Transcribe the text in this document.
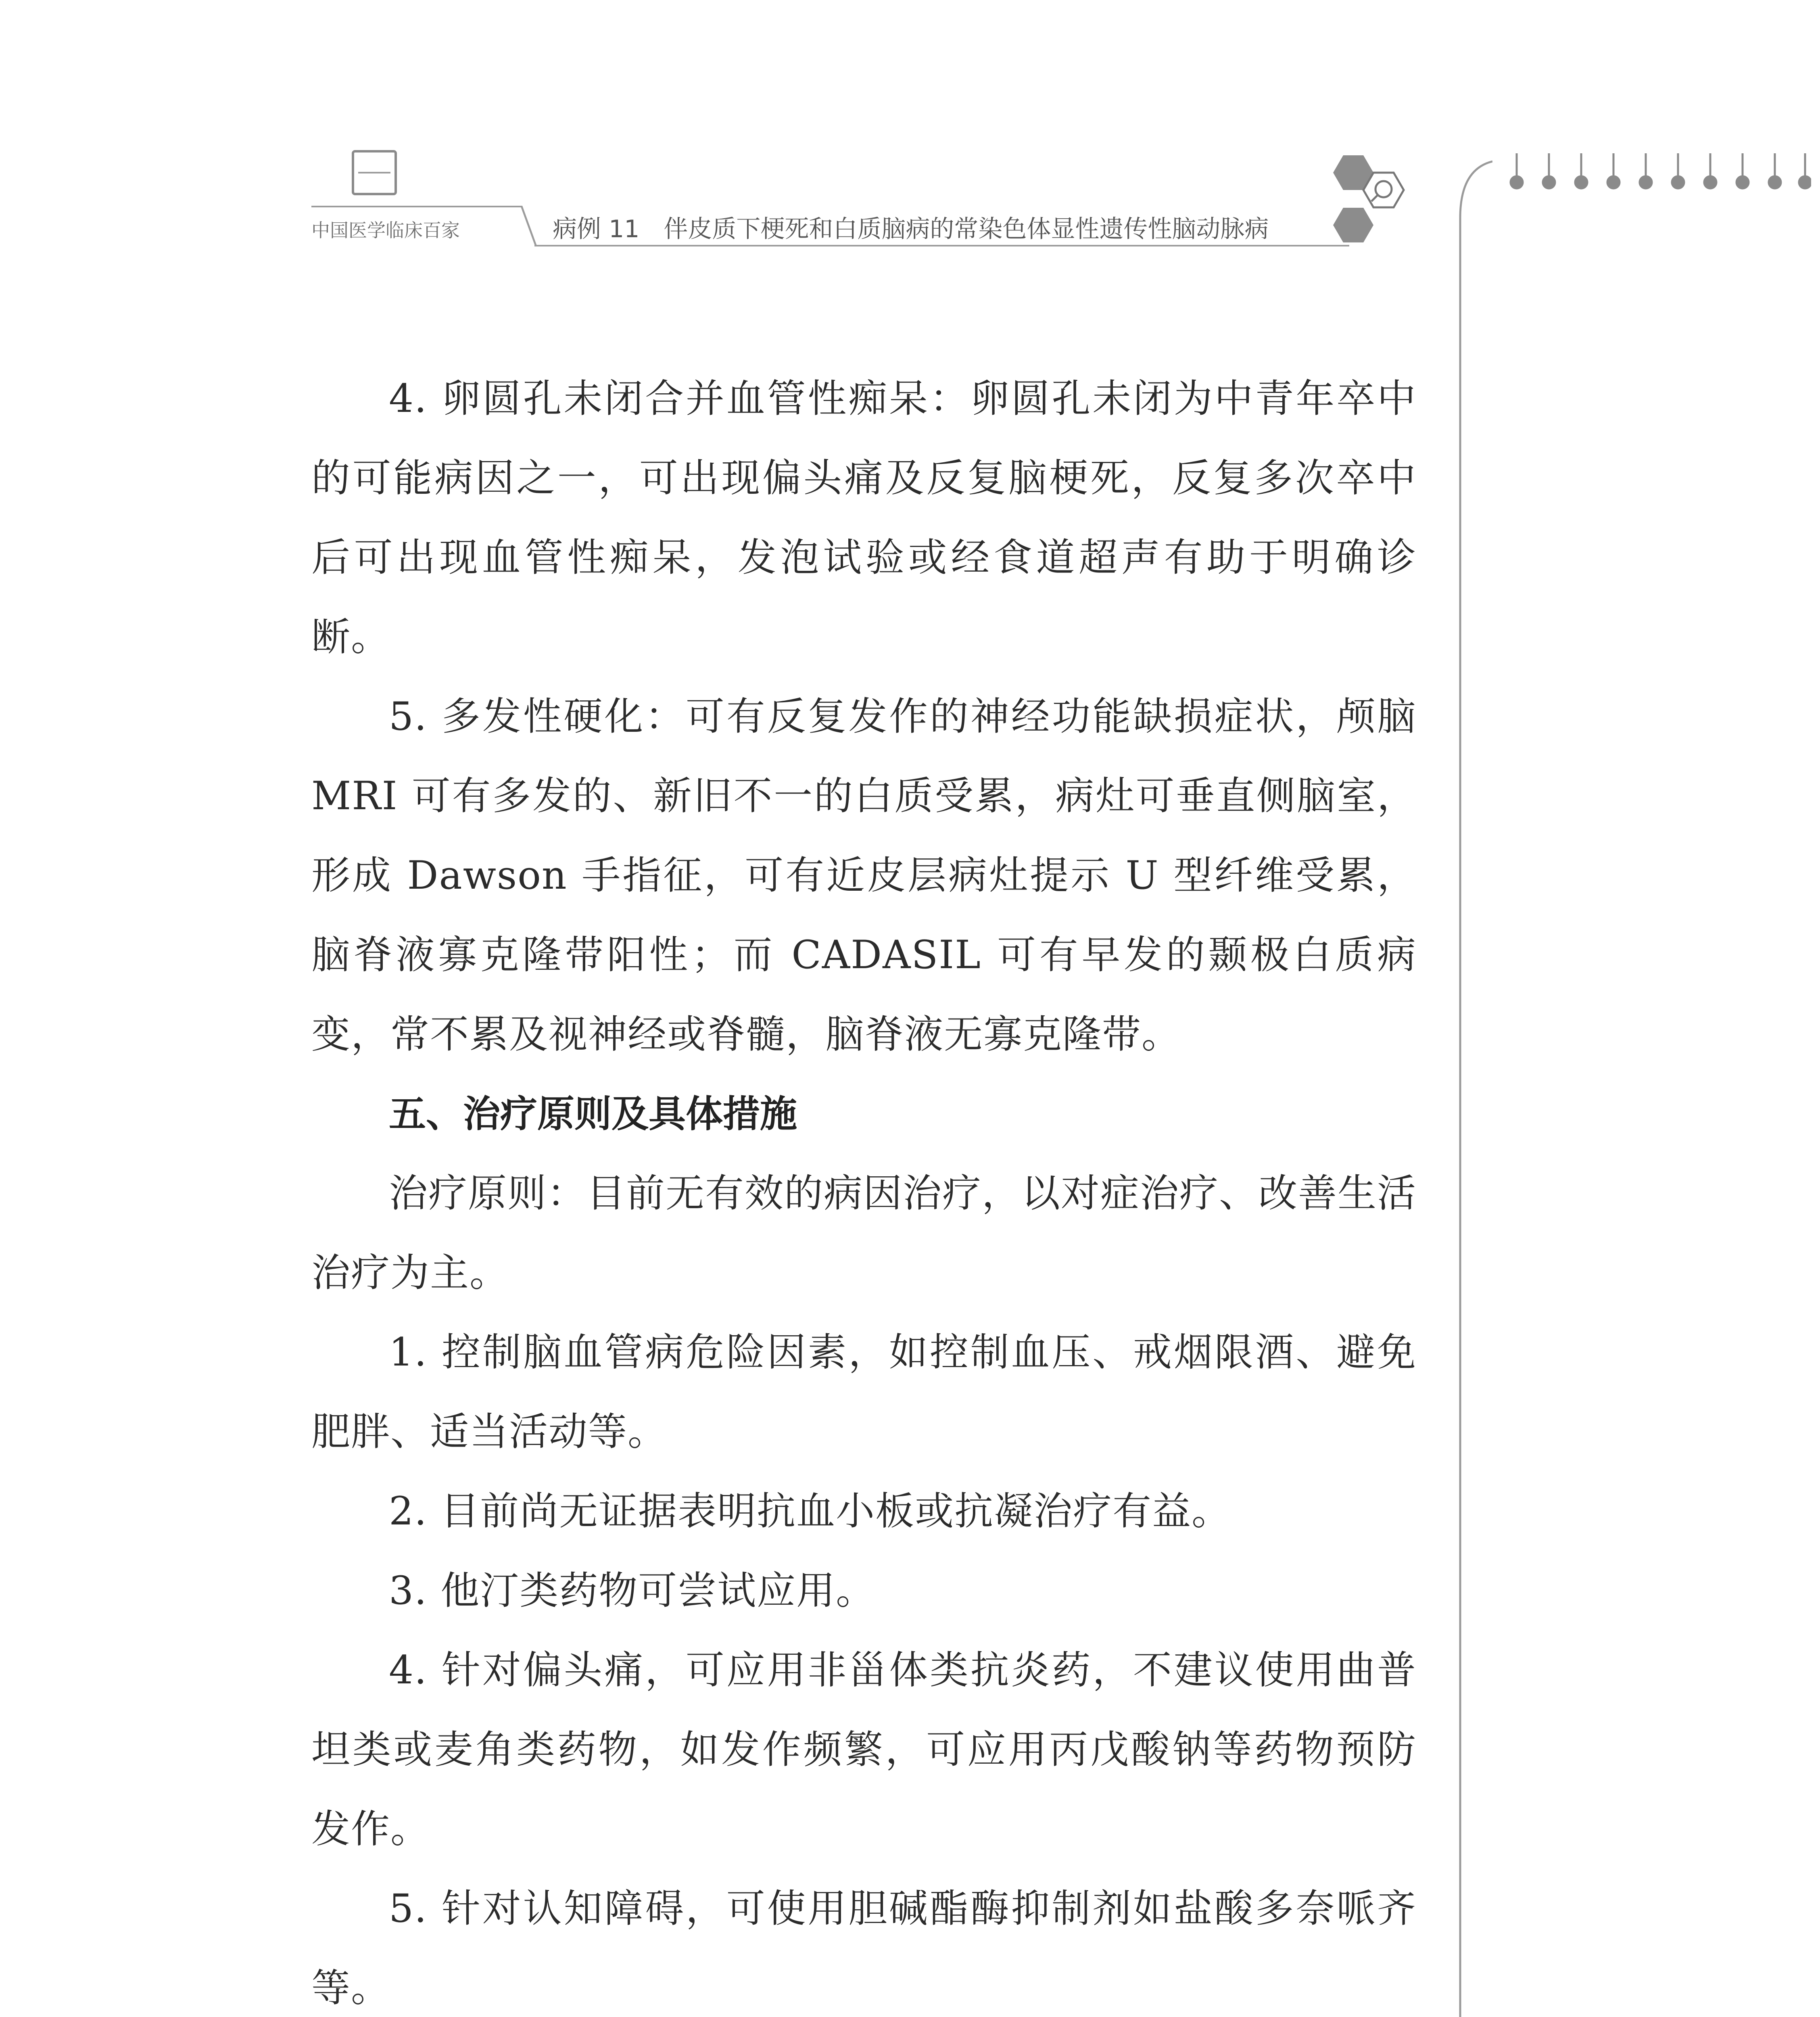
中国医学临床百家	病例 11　伴皮质下梗死和白质脑病的常染色体显性遗传性脑动脉病

4. 卵圆孔未闭合并血管性痴呆：卵圆孔未闭为中青年卒中的可能病因之一，可出现偏头痛及反复脑梗死，反复多次卒中后可出现血管性痴呆，发泡试验或经食道超声有助于明确诊断。

5. 多发性硬化：可有反复发作的神经功能缺损症状，颅脑 MRI 可有多发的、新旧不一的白质受累，病灶可垂直侧脑室，形成 Dawson 手指征，可有近皮层病灶提示 U 型纤维受累，脑脊液寡克隆带阳性；而 CADASIL 可有早发的颞极白质病变，常不累及视神经或脊髓，脑脊液无寡克隆带。

五、治疗原则及具体措施

治疗原则：目前无有效的病因治疗，以对症治疗、改善生活治疗为主。

1. 控制脑血管病危险因素，如控制血压、戒烟限酒、避免肥胖、适当活动等。

2. 目前尚无证据表明抗血小板或抗凝治疗有益。

3. 他汀类药物可尝试应用。

4. 针对偏头痛，可应用非甾体类抗炎药，不建议使用曲普坦类或麦角类药物，如发作频繁，可应用丙戊酸钠等药物预防发作。

5. 针对认知障碍，可使用胆碱酯酶抑制剂如盐酸多奈哌齐等。
